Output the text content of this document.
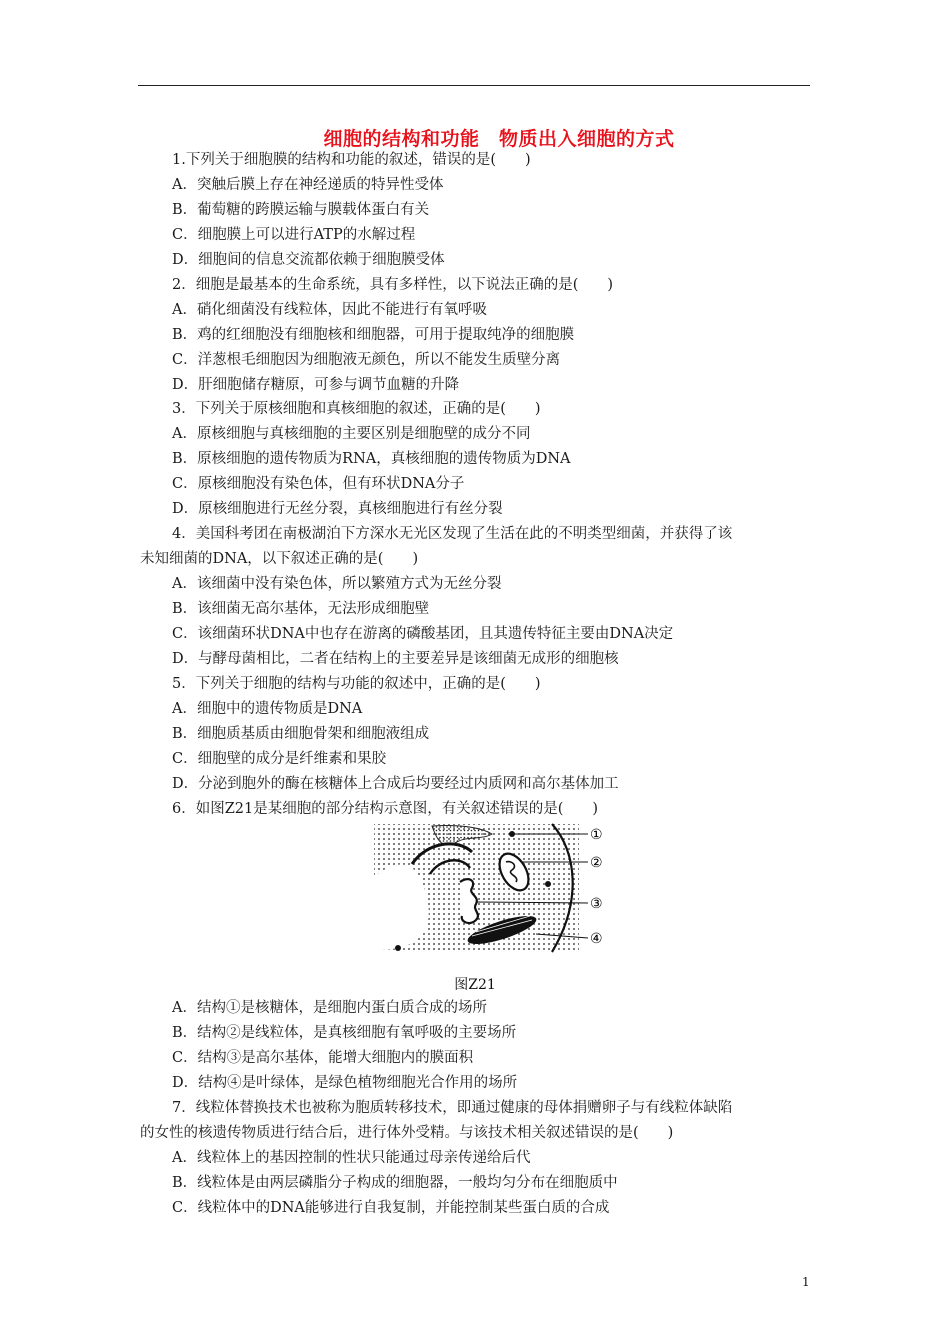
细胞的结构和功能　物质出入细胞的方式
1.下列关于细胞膜的结构和功能的叙述，错误的是(　　)
A．突触后膜上存在神经递质的特异性受体
B．葡萄糖的跨膜运输与膜载体蛋白有关
C．细胞膜上可以进行ATP的水解过程
D．细胞间的信息交流都依赖于细胞膜受体
2．细胞是最基本的生命系统，具有多样性，以下说法正确的是(　　)
A．硝化细菌没有线粒体，因此不能进行有氧呼吸
B．鸡的红细胞没有细胞核和细胞器，可用于提取纯净的细胞膜
C．洋葱根毛细胞因为细胞液无颜色，所以不能发生质壁分离
D．肝细胞储存糖原，可参与调节血糖的升降
3．下列关于原核细胞和真核细胞的叙述，正确的是(　　)
A．原核细胞与真核细胞的主要区别是细胞壁的成分不同
B．原核细胞的遗传物质为RNA，真核细胞的遗传物质为DNA
C．原核细胞没有染色体，但有环状DNA分子
D．原核细胞进行无丝分裂，真核细胞进行有丝分裂
4．美国科考团在南极湖泊下方深水无光区发现了生活在此的不明类型细菌，并获得了该
未知细菌的DNA，以下叙述正确的是(　　)
A．该细菌中没有染色体，所以繁殖方式为无丝分裂
B．该细菌无高尔基体，无法形成细胞壁
C．该细菌环状DNA中也存在游离的磷酸基团，且其遗传特征主要由DNA决定
D．与酵母菌相比，二者在结构上的主要差异是该细菌无成形的细胞核
5．下列关于细胞的结构与功能的叙述中，正确的是(　　)
A．细胞中的遗传物质是DNA
B．细胞质基质由细胞骨架和细胞液组成
C．细胞壁的成分是纤维素和果胶
D．分泌到胞外的酶在核糖体上合成后均要经过内质网和高尔基体加工
6．如图Z21是某细胞的部分结构示意图，有关叙述错误的是(　　)
①
②
③
④
图Z21
A．结构①是核糖体，是细胞内蛋白质合成的场所
B．结构②是线粒体，是真核细胞有氧呼吸的主要场所
C．结构③是高尔基体，能增大细胞内的膜面积
D．结构④是叶绿体，是绿色植物细胞光合作用的场所
7．线粒体替换技术也被称为胞质转移技术，即通过健康的母体捐赠卵子与有线粒体缺陷
的女性的核遗传物质进行结合后，进行体外受精。与该技术相关叙述错误的是(　　)
A．线粒体上的基因控制的性状只能通过母亲传递给后代
B．线粒体是由两层磷脂分子构成的细胞器，一般均匀分布在细胞质中
C．线粒体中的DNA能够进行自我复制，并能控制某些蛋白质的合成
1
